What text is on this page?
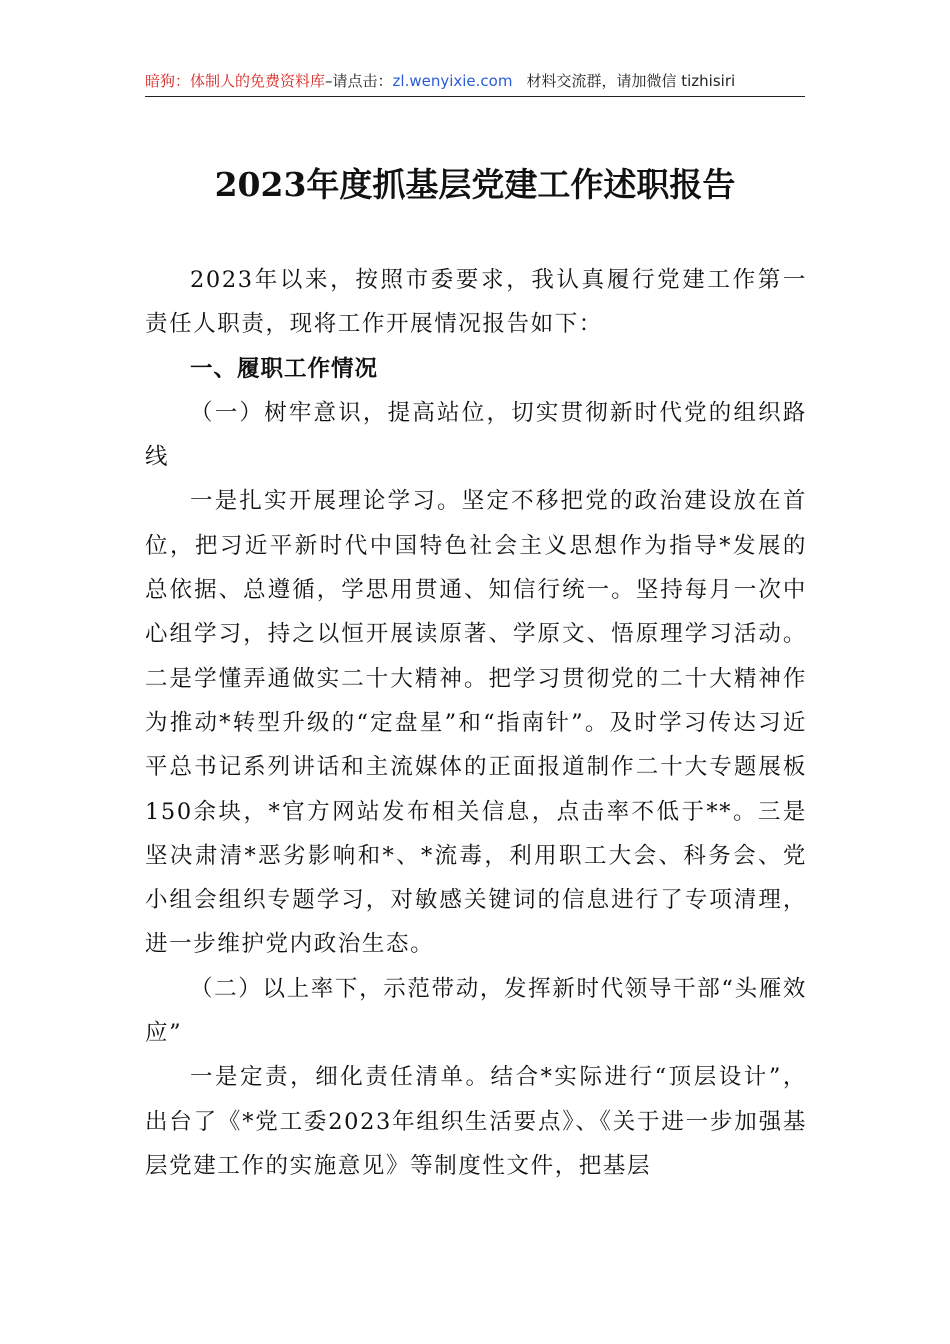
暗狗：体制人的免费资料库–请点击：zl.wenyixie.com 材料交流群，请加微信 tizhisiri
2023年度抓基层党建工作述职报告

2023年以来，按照市委要求，我认真履行党建工作第一责任人职责，现将工作开展情况报告如下：

一、履职工作情况

（一）树牢意识，提高站位，切实贯彻新时代党的组织路线

一是扎实开展理论学习。坚定不移把党的政治建设放在首位，把习近平新时代中国特色社会主义思想作为指导*发展的总依据、总遵循，学思用贯通、知信行统一。坚持每月一次中心组学习，持之以恒开展读原著、学原文、悟原理学习活动。二是学懂弄通做实二十大精神。把学习贯彻党的二十大精神作为推动*转型升级的“定盘星”和“指南针”。及时学习传达习近平总书记系列讲话和主流媒体的正面报道制作二十大专题展板150余块，*官方网站发布相关信息，点击率不低于**。三是坚决肃清*恶劣影响和*、*流毒，利用职工大会、科务会、党小组会组织专题学习，对敏感关键词的信息进行了专项清理，进一步维护党内政治生态。

（二）以上率下，示范带动，发挥新时代领导干部“头雁效应”

一是定责，细化责任清单。结合*实际进行“顶层设计”，出台了《*党工委2023年组织生活要点》、《关于进一步加强基层党建工作的实施意见》等制度性文件，把基层
